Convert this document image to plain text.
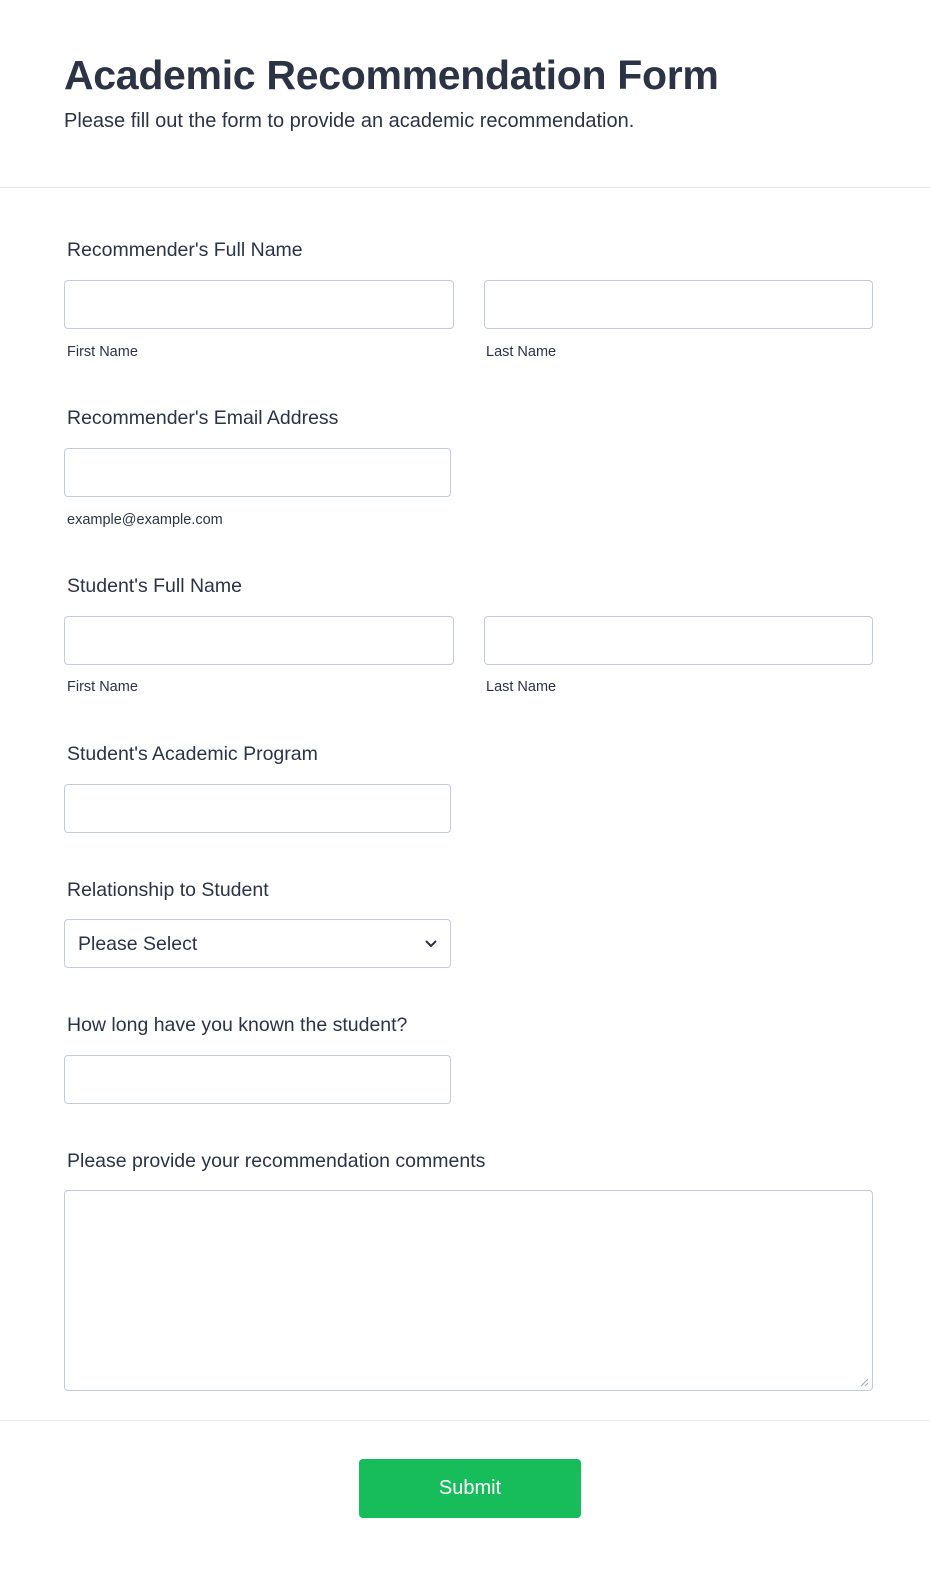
Academic Recommendation Form
Please fill out the form to provide an academic recommendation.
Recommender's Full Name
First Name	Last Name
Recommender's Email Address
example@example.com
Student's Full Name
First Name	Last Name
Student's Academic Program
Relationship to Student
Please Select
How long have you known the student?
Please provide your recommendation comments
Submit
